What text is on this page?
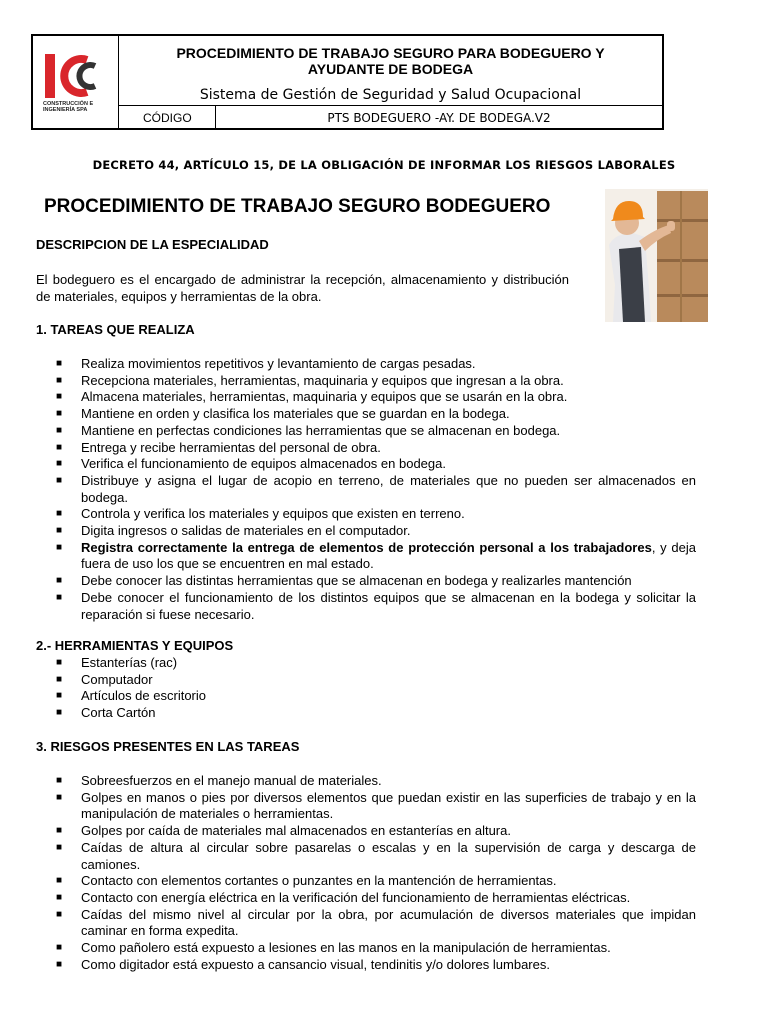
CONSTRUCCIÓN E INGENIERÍA SPA
PROCEDIMIENTO DE TRABAJO SEGURO PARA BODEGUERO Y AYUDANTE DE BODEGA
Sistema de Gestión de Seguridad y Salud Ocupacional
CÓDIGO	PTS BODEGUERO -AY. DE BODEGA.V2
DECRETO 44, ARTÍCULO 15, DE LA OBLIGACIÓN DE INFORMAR LOS RIESGOS LABORALES
PROCEDIMIENTO DE TRABAJO SEGURO BODEGUERO
DESCRIPCION DE LA ESPECIALIDAD
El bodeguero es el encargado de administrar la recepción, almacenamiento y distribución de materiales, equipos y herramientas de la obra.
1. TAREAS QUE REALIZA
■ Realiza movimientos repetitivos y levantamiento de cargas pesadas.
■ Recepciona materiales, herramientas, maquinaria y equipos que ingresan a la obra.
■ Almacena materiales, herramientas, maquinaria y equipos que se usarán en la obra.
■ Mantiene en orden y clasifica los materiales que se guardan en la bodega.
■ Mantiene en perfectas condiciones las herramientas que se almacenan en bodega.
■ Entrega y recibe herramientas del personal de obra.
■ Verifica el funcionamiento de equipos almacenados en bodega.
■ Distribuye y asigna el lugar de acopio en terreno, de materiales que no pueden ser almacenados en bodega.
■ Controla y verifica los materiales y equipos que existen en terreno.
■ Digita ingresos o salidas de materiales en el computador.
■ Registra correctamente la entrega de elementos de protección personal a los trabajadores, y deja fuera de uso los que se encuentren en mal estado.
■ Debe conocer las distintas herramientas que se almacenan en bodega y realizarles mantención
■ Debe conocer el funcionamiento de los distintos equipos que se almacenan en la bodega y solicitar la reparación si fuese necesario.
2.- HERRAMIENTAS Y EQUIPOS
■ Estanterías (rac)
■ Computador
■ Artículos de escritorio
■ Corta Cartón
3. RIESGOS PRESENTES EN LAS TAREAS
■ Sobreesfuerzos en el manejo manual de materiales.
■ Golpes en manos o pies por diversos elementos que puedan existir en las superficies de trabajo y en la manipulación de materiales o herramientas.
■ Golpes por caída de materiales mal almacenados en estanterías en altura.
■ Caídas de altura al circular sobre pasarelas o escalas y en la supervisión de carga y descarga de camiones.
■ Contacto con elementos cortantes o punzantes en la mantención de herramientas.
■ Contacto con energía eléctrica en la verificación del funcionamiento de herramientas eléctricas.
■ Caídas del mismo nivel al circular por la obra, por acumulación de diversos materiales que impidan caminar en forma expedita.
■ Como pañolero está expuesto a lesiones en las manos en la manipulación de herramientas.
■ Como digitador está expuesto a cansancio visual, tendinitis y/o dolores lumbares.
